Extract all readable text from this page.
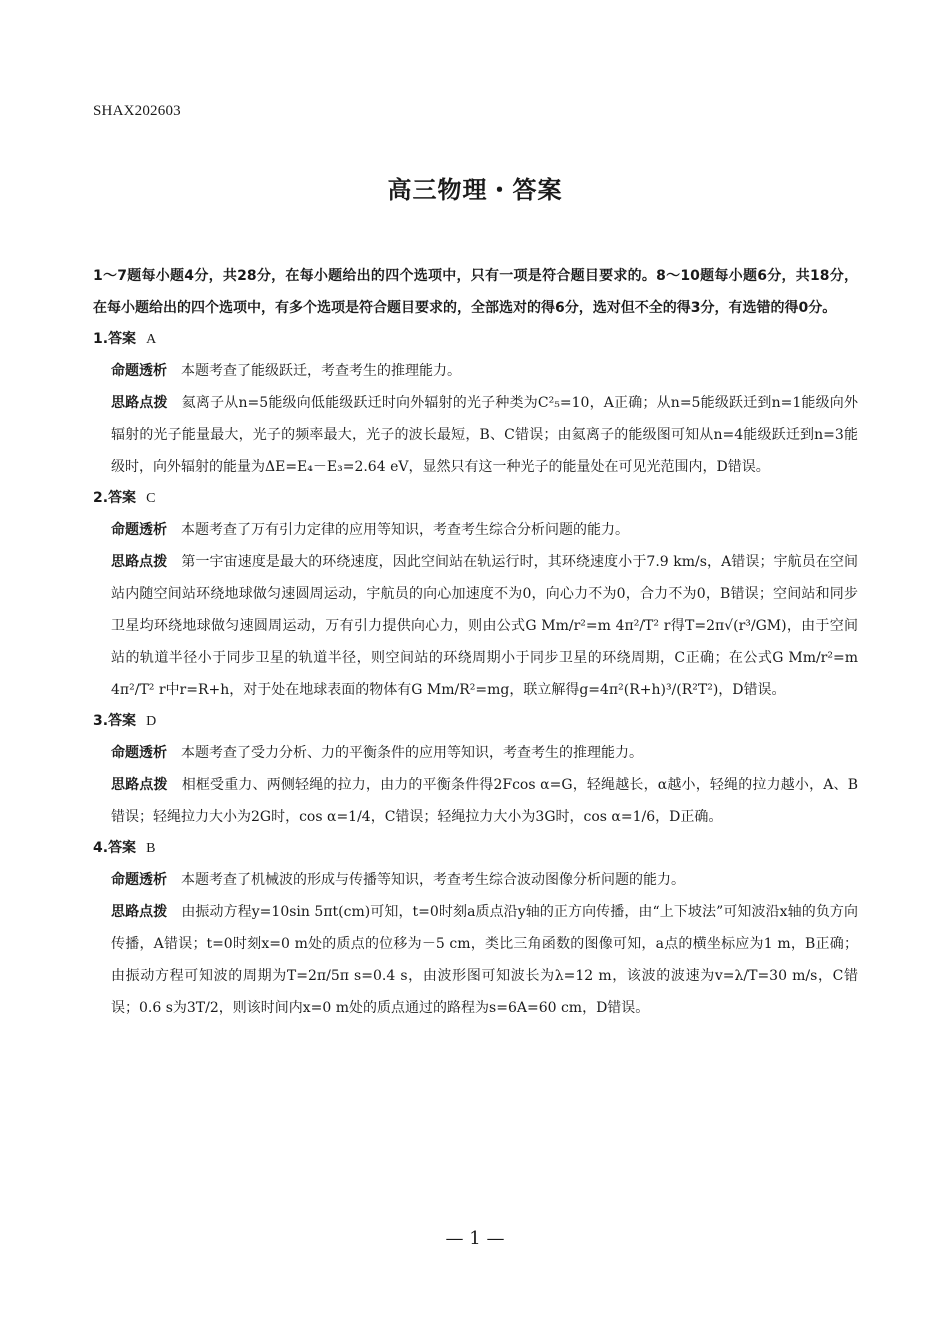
SHAX202603
高三物理・答案
1～7题每小题4分，共28分，在每小题给出的四个选项中，只有一项是符合题目要求的。8～10题每小题6分，共18分，在每小题给出的四个选项中，有多个选项是符合题目要求的，全部选对的得6分，选对但不全的得3分，有选错的得0分。
1.答案 A
命题透析 本题考查了能级跃迁，考查考生的推理能力。
思路点拨 氦离子从n=5能级向低能级跃迁时向外辐射的光子种类为C²₅=10，A正确；从n=5能级跃迁到n=1能级向外辐射的光子能量最大，光子的频率最大，光子的波长最短，B、C错误；由氦离子的能级图可知从n=4能级跃迁到n=3能级时，向外辐射的能量为ΔE=E₄－E₃=2.64 eV，显然只有这一种光子的能量处在可见光范围内，D错误。
2.答案 C
命题透析 本题考查了万有引力定律的应用等知识，考查考生综合分析问题的能力。
思路点拨 第一宇宙速度是最大的环绕速度，因此空间站在轨运行时，其环绕速度小于7.9 km/s，A错误；宇航员在空间站内随空间站环绕地球做匀速圆周运动，宇航员的向心加速度不为0，向心力不为0，合力不为0，B错误；空间站和同步卫星均环绕地球做匀速圆周运动，万有引力提供向心力，则由公式G Mm/r²=m 4π²/T² r得T=2π√(r³/GM)，由于空间站的轨道半径小于同步卫星的轨道半径，则空间站的环绕周期小于同步卫星的环绕周期，C正确；在公式G Mm/r²=m 4π²/T² r中r=R+h，对于处在地球表面的物体有G Mm/R²=mg，联立解得g=4π²(R+h)³/(R²T²)，D错误。
3.答案 D
命题透析 本题考查了受力分析、力的平衡条件的应用等知识，考查考生的推理能力。
思路点拨 相框受重力、两侧轻绳的拉力，由力的平衡条件得2Fcos α=G，轻绳越长，α越小，轻绳的拉力越小，A、B错误；轻绳拉力大小为2G时，cos α=1/4，C错误；轻绳拉力大小为3G时，cos α=1/6，D正确。
4.答案 B
命题透析 本题考查了机械波的形成与传播等知识，考查考生综合波动图像分析问题的能力。
思路点拨 由振动方程y=10sin 5πt(cm)可知，t=0时刻a质点沿y轴的正方向传播，由“上下坡法”可知波沿x轴的负方向传播，A错误；t=0时刻x=0 m处的质点的位移为－5 cm，类比三角函数的图像可知，a点的横坐标应为1 m，B正确；由振动方程可知波的周期为T=2π/5π s=0.4 s，由波形图可知波长为λ=12 m，该波的波速为v=λ/T=30 m/s，C错误；0.6 s为3T/2，则该时间内x=0 m处的质点通过的路程为s=6A=60 cm，D错误。
— 1 —
